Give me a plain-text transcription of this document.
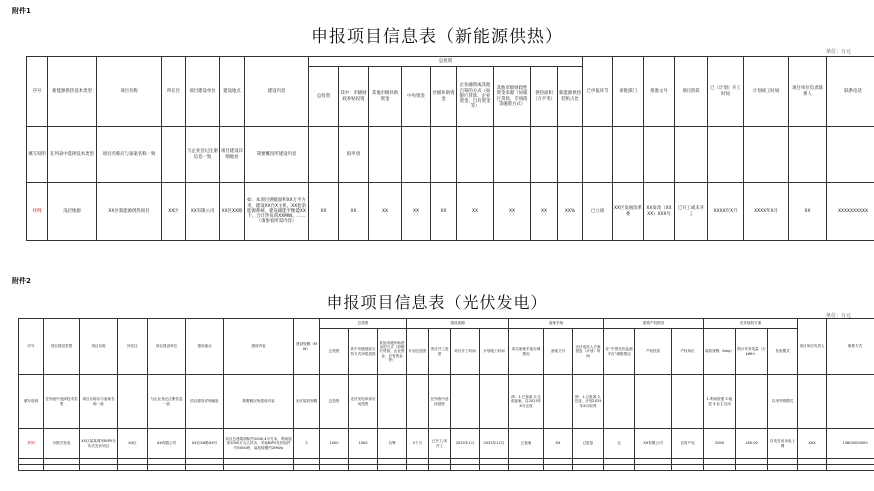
附件1
申报项目信息表（新能源供热）
单位：万元
序号	新能源供热技术类型	项目名称	所在区	项目建设单位	建设地点	建设内容	总投资									已申报环节	审批部门	批准文号	项目阶段	已（计划）开工时间	计划竣工时间	项目单位负责联系人	联系电话
							总投资	其中：市级财政补贴投资	其他市级补助资金	中央资金	区级补助资金	企业融资或其他自筹的方式（如银行贷款、企业资金、自有资金等）	其他市级财政性资金来源（如银行贷款、专项债等融资方式）	供热面积（万平米）	新能源供热装机占比								
填写说明	在列表中选择技术类型	项目名称应与备案名称一致		与企业登记注册信息一致	项目建设详细地址	简要概况所建设内容		拟申请															
样例	浅层地源	XX区新能源供热项目	XX区	XX有限公司	XX区XX路	如：本项目供暖面积XX万平方米，建设XX台X主机、XX套余能源系统，建设储能平衡能XX个，合计热负荷XXMW。……（请参看所需内容）	XX	XX	XX	XX	XX	XX	XX	XX	XX%	已立项	XX区发展改革委	XX发改（XXXX）XXX号	已开工或未开工	XXXX年X月	XXXX年X月	XX	XXXXXXXXXX
附件2
申报项目信息表（光伏发电）
单位：万元
序号	项目建设类型	项目名称	所在区	项目建设单位	建设地点	建设内容	建设规模（MW）	总投资			建设周期				备案手续			建筑产权情况			光伏装机方案			项目单位负责人	联系方式
								总投资	其中市级财政支持方式申报投资	其他市级补助资金的方式（如银行贷款、企业资金、自有资金等）	计划总投资	项目开工进度	项目开工时间	计划竣工时间	项目备案手续办理情况	备案文号	光伏电站入方案批复（计划）时间	在“中国光伏监测平台”填报情况	产权性质	产权单位	装机规模（kwp）	预计年发电量（万kWh）	发电模式		
填写说明	在列表中选择技术类型	项目名称应与备案名称一致		与企业登记注册信息一致	项目建设详细地址	简要概况所建设内容	光伏装机规模	总投资	光伏发电单体应用投资			在列表中选择进度			例：1.已备案 2.完成备案，自2025年X月完成		例：1.已批准 2.完成，计划2025年X月取得				1.利用资建 2.租赁 3.业主自用		自用并网模式		
样例	分散式发电	XX区某某城市BIPV分布式光伏项目	XX区	XX有限公司	XX区XX路XX号	项目总建筑面积约2000,4平方米，利用屋顶1000万元人民币，安装BIPV光伏组件约5000块，装机规模约2MWp	2	1000	1000	自筹	2个月	已开工/未开工	2025年1月	2025年12月	已备案	XX	已批复	无	XX有限公司	自有产权	2000	180.00	自发自用余电上网	XXX	13800000000
